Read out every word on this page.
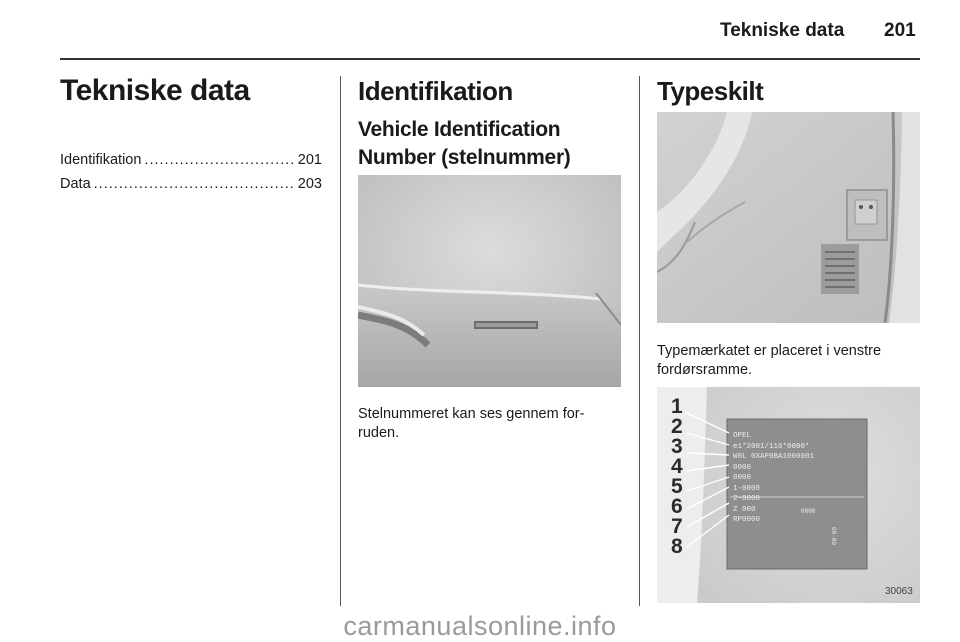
Tekniske data 201
Tekniske data
Identifikation .....	201
Data .....	203
Identifikation
Vehicle Identification
Number (stelnummer)
Stelnummeret kan ses gennem for-
ruden.
Typeskilt
Typemærkatet er placeret i venstre
fordørsramme.
1
2
3
4
5
6
7
8
OPEL
e1*2001/116*0000*
W0L 0XAP0BA1000001
0000
0000
1-0000
2-0000
Z 000
RP0000
0000
00-00
30063
carmanualsonline.info
